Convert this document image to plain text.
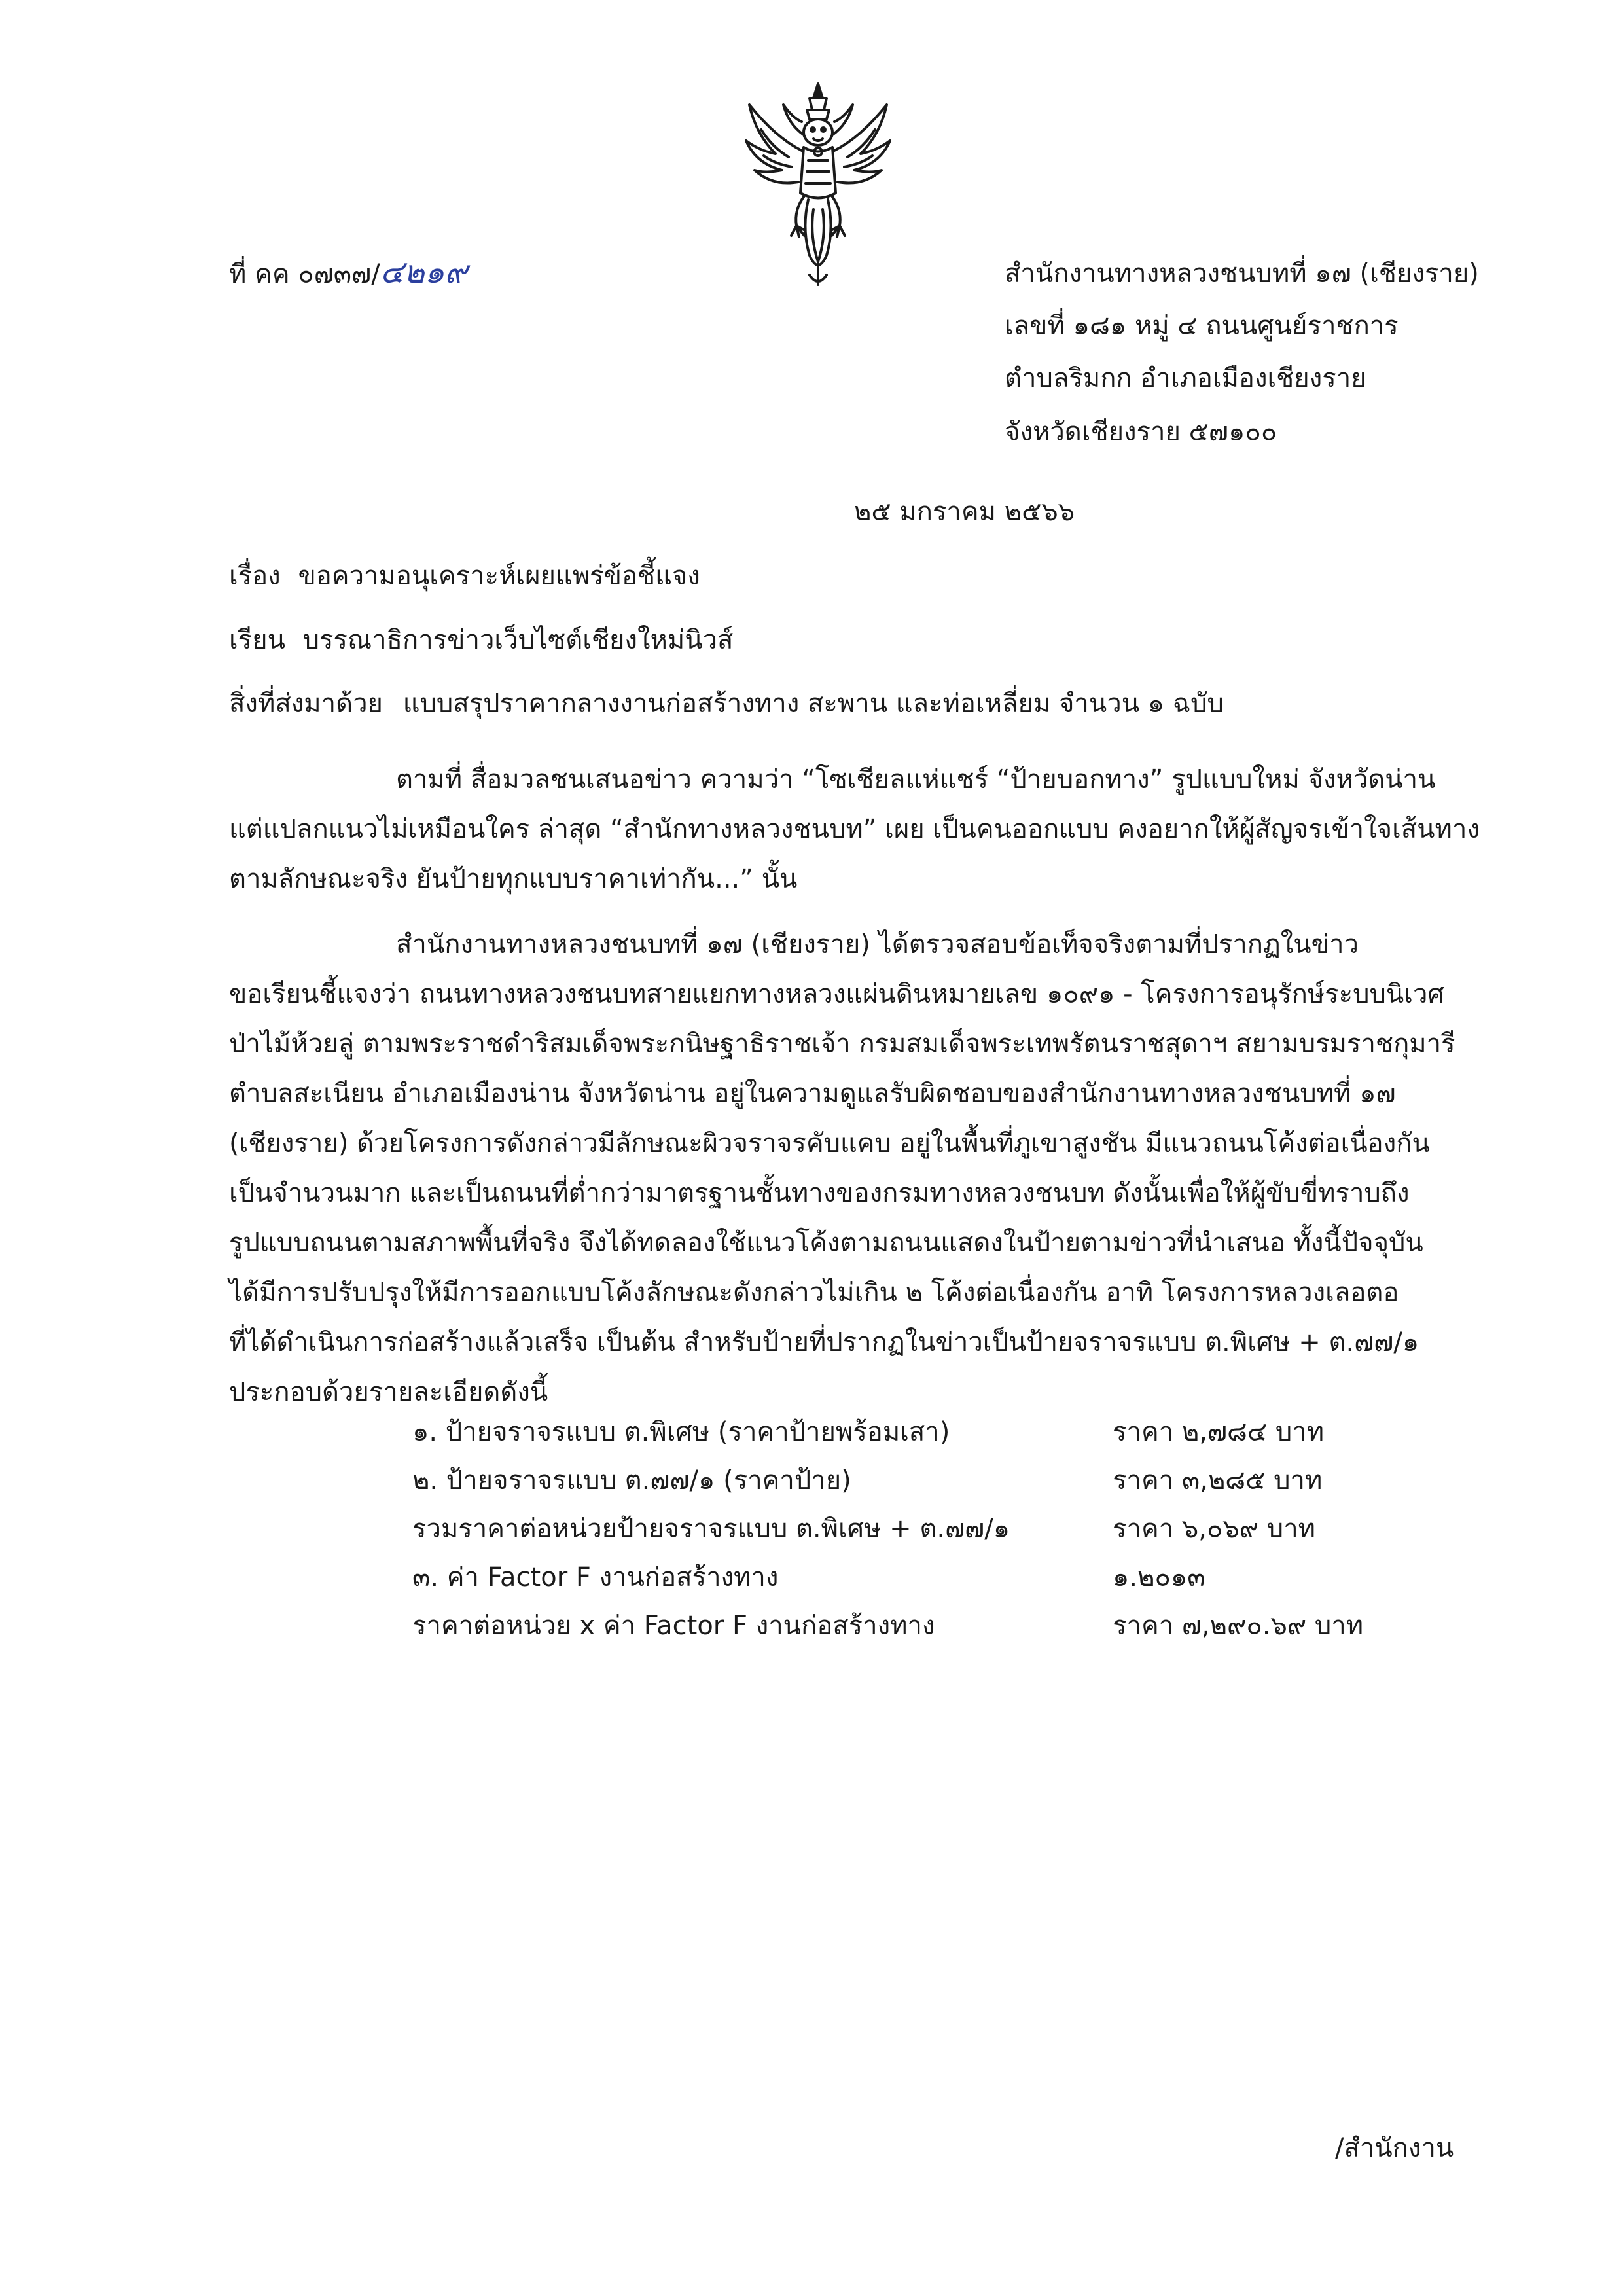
ที่ คค ๐๗๓๗/๔๒๑๙	สำนักงานทางหลวงชนบทที่ ๑๗ (เชียงราย)
เลขที่ ๑๘๑ หมู่ ๔ ถนนศูนย์ราชการ
ตำบลริมกก อำเภอเมืองเชียงราย
จังหวัดเชียงราย ๕๗๑๐๐
๒๕ มกราคม ๒๕๖๖
เรื่อง ขอความอนุเคราะห์เผยแพร่ข้อชี้แจง
เรียน บรรณาธิการข่าวเว็บไซต์เชียงใหม่นิวส์
สิ่งที่ส่งมาด้วย แบบสรุปราคากลางงานก่อสร้างทาง สะพาน และท่อเหลี่ยม จำนวน ๑ ฉบับ
ตามที่ สื่อมวลชนเสนอข่าว ความว่า “โซเชียลแห่แชร์ “ป้ายบอกทาง” รูปแบบใหม่ จังหวัดน่าน
แต่แปลกแนวไม่เหมือนใคร ล่าสุด “สำนักทางหลวงชนบท” เผย เป็นคนออกแบบ คงอยากให้ผู้สัญจรเข้าใจเส้นทาง
ตามลักษณะจริง ยันป้ายทุกแบบราคาเท่ากัน...” นั้น
สำนักงานทางหลวงชนบทที่ ๑๗ (เชียงราย) ได้ตรวจสอบข้อเท็จจริงตามที่ปรากฏในข่าว
ขอเรียนชี้แจงว่า ถนนทางหลวงชนบทสายแยกทางหลวงแผ่นดินหมายเลข ๑๐๙๑ - โครงการอนุรักษ์ระบบนิเวศ
ป่าไม้ห้วยลู่ ตามพระราชดำริสมเด็จพระกนิษฐาธิราชเจ้า กรมสมเด็จพระเทพรัตนราชสุดาฯ สยามบรมราชกุมารี
ตำบลสะเนียน อำเภอเมืองน่าน จังหวัดน่าน อยู่ในความดูแลรับผิดชอบของสำนักงานทางหลวงชนบทที่ ๑๗
(เชียงราย) ด้วยโครงการดังกล่าวมีลักษณะผิวจราจรคับแคบ อยู่ในพื้นที่ภูเขาสูงชัน มีแนวถนนโค้งต่อเนื่องกัน
เป็นจำนวนมาก และเป็นถนนที่ต่ำกว่ามาตรฐานชั้นทางของกรมทางหลวงชนบท ดังนั้นเพื่อให้ผู้ขับขี่ทราบถึง
รูปแบบถนนตามสภาพพื้นที่จริง จึงได้ทดลองใช้แนวโค้งตามถนนแสดงในป้ายตามข่าวที่นำเสนอ ทั้งนี้ปัจจุบัน
ได้มีการปรับปรุงให้มีการออกแบบโค้งลักษณะดังกล่าวไม่เกิน ๒ โค้งต่อเนื่องกัน อาทิ โครงการหลวงเลอตอ
ที่ได้ดำเนินการก่อสร้างแล้วเสร็จ เป็นต้น สำหรับป้ายที่ปรากฏในข่าวเป็นป้ายจราจรแบบ ต.พิเศษ + ต.๗๗/๑
ประกอบด้วยรายละเอียดดังนี้
๑. ป้ายจราจรแบบ ต.พิเศษ (ราคาป้ายพร้อมเสา)	ราคา ๒,๗๘๔ บาท
๒. ป้ายจราจรแบบ ต.๗๗/๑ (ราคาป้าย)	ราคา ๓,๒๘๕ บาท
รวมราคาต่อหน่วยป้ายจราจรแบบ ต.พิเศษ + ต.๗๗/๑	ราคา ๖,๐๖๙ บาท
๓. ค่า Factor F งานก่อสร้างทาง	๑.๒๐๑๓
ราคาต่อหน่วย x ค่า Factor F งานก่อสร้างทาง	ราคา ๗,๒๙๐.๖๙ บาท
/สำนักงาน
